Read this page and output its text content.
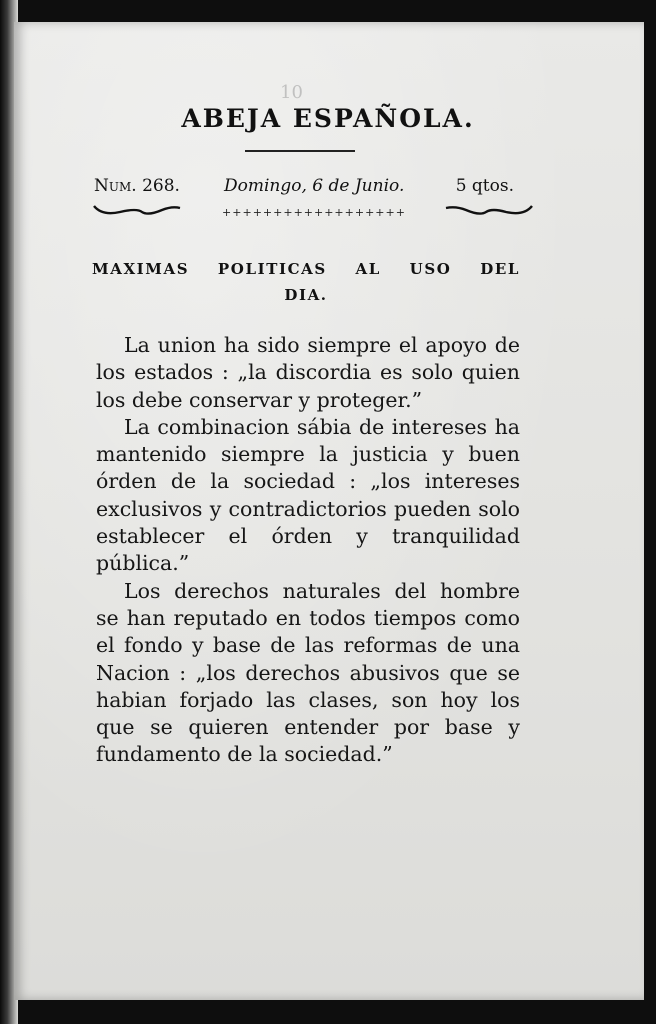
10
ABEJA ESPAÑOLA.
Num. 268.	Domingo, 6 de Junio.	5 qtos.
++++++++++++++++++
MAXIMAS POLITICAS AL USO DEL
DIA.

La union ha sido siempre el apoyo de los estados : „la discordia es solo quien los debe conservar y proteger.”

La combinacion sábia de intereses ha mantenido siempre la justicia y buen órden de la sociedad : „los intereses exclusivos y contradictorios pueden solo establecer el órden y tranquilidad pública.”

Los derechos naturales del hombre se han reputado en todos tiempos como el fondo y base de las reformas de una Nacion : „los derechos abusivos que se habian forjado las clases, son hoy los que se quieren entender por base y fundamento de la sociedad.”
